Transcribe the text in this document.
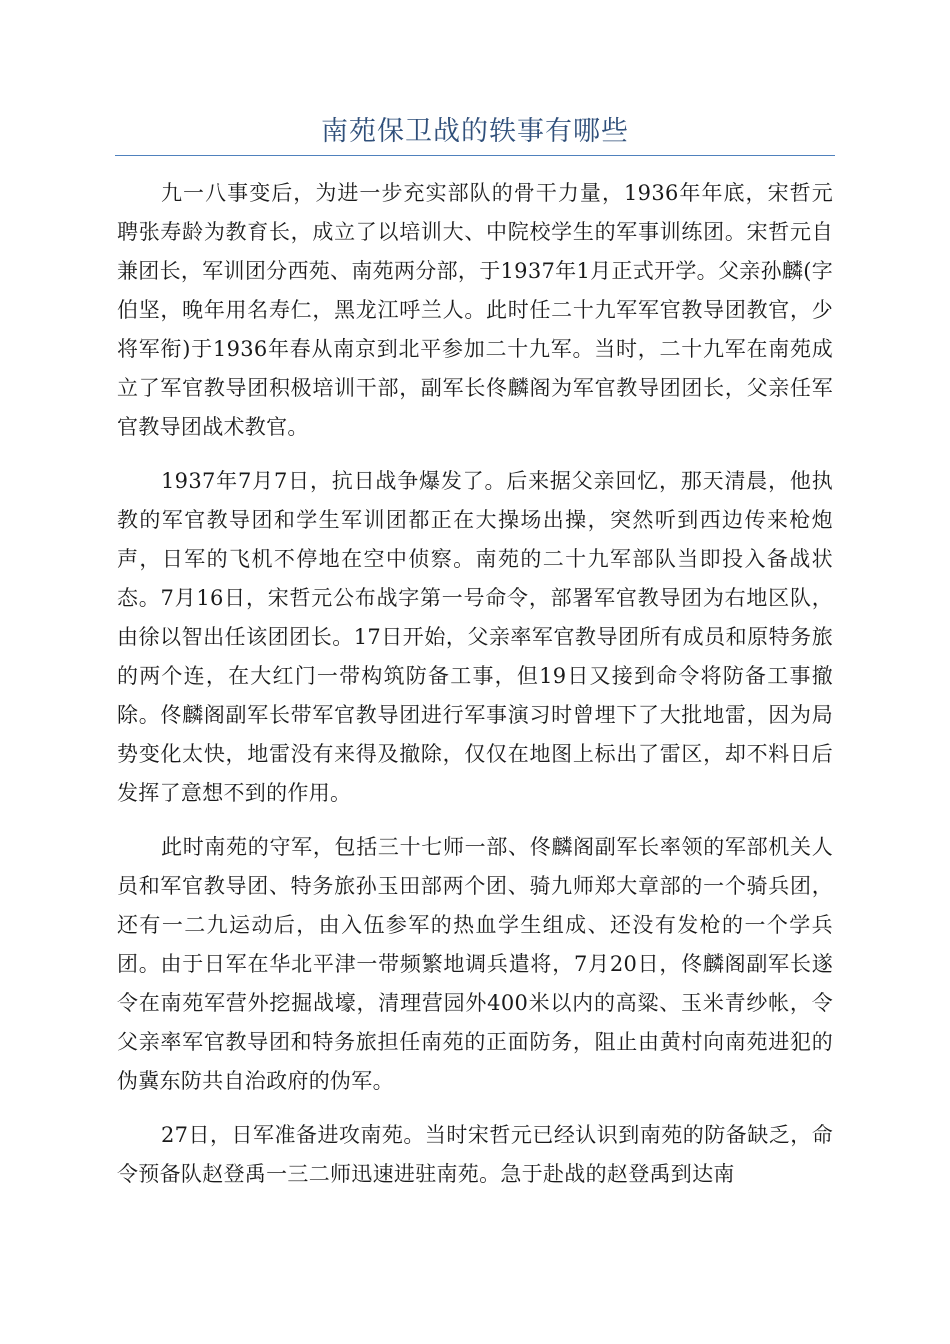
南苑保卫战的轶事有哪些

九一八事变后，为进一步充实部队的骨干力量，1936年年底，宋哲元聘张寿龄为教育长，成立了以培训大、中院校学生的军事训练团。宋哲元自兼团长，军训团分西苑、南苑两分部，于1937年1月正式开学。父亲孙麟(字伯坚，晚年用名寿仁，黑龙江呼兰人。此时任二十九军军官教导团教官，少将军衔)于1936年春从南京到北平参加二十九军。当时，二十九军在南苑成立了军官教导团积极培训干部，副军长佟麟阁为军官教导团团长，父亲任军官教导团战术教官。

1937年7月7日，抗日战争爆发了。后来据父亲回忆，那天清晨，他执教的军官教导团和学生军训团都正在大操场出操，突然听到西边传来枪炮声，日军的飞机不停地在空中侦察。南苑的二十九军部队当即投入备战状态。7月16日，宋哲元公布战字第一号命令，部署军官教导团为右地区队，由徐以智出任该团团长。17日开始，父亲率军官教导团所有成员和原特务旅的两个连，在大红门一带构筑防备工事，但19日又接到命令将防备工事撤除。佟麟阁副军长带军官教导团进行军事演习时曾埋下了大批地雷，因为局势变化太快，地雷没有来得及撤除，仅仅在地图上标出了雷区，却不料日后发挥了意想不到的作用。

此时南苑的守军，包括三十七师一部、佟麟阁副军长率领的军部机关人员和军官教导团、特务旅孙玉田部两个团、骑九师郑大章部的一个骑兵团，还有一二九运动后，由入伍参军的热血学生组成、还没有发枪的一个学兵团。由于日军在华北平津一带频繁地调兵遣将，7月20日，佟麟阁副军长遂令在南苑军营外挖掘战壕，清理营园外400米以内的高粱、玉米青纱帐，令父亲率军官教导团和特务旅担任南苑的正面防务，阻止由黄村向南苑进犯的伪冀东防共自治政府的伪军。

27日，日军准备进攻南苑。当时宋哲元已经认识到南苑的防备缺乏，命令预备队赵登禹一三二师迅速进驻南苑。急于赴战的赵登禹到达南
